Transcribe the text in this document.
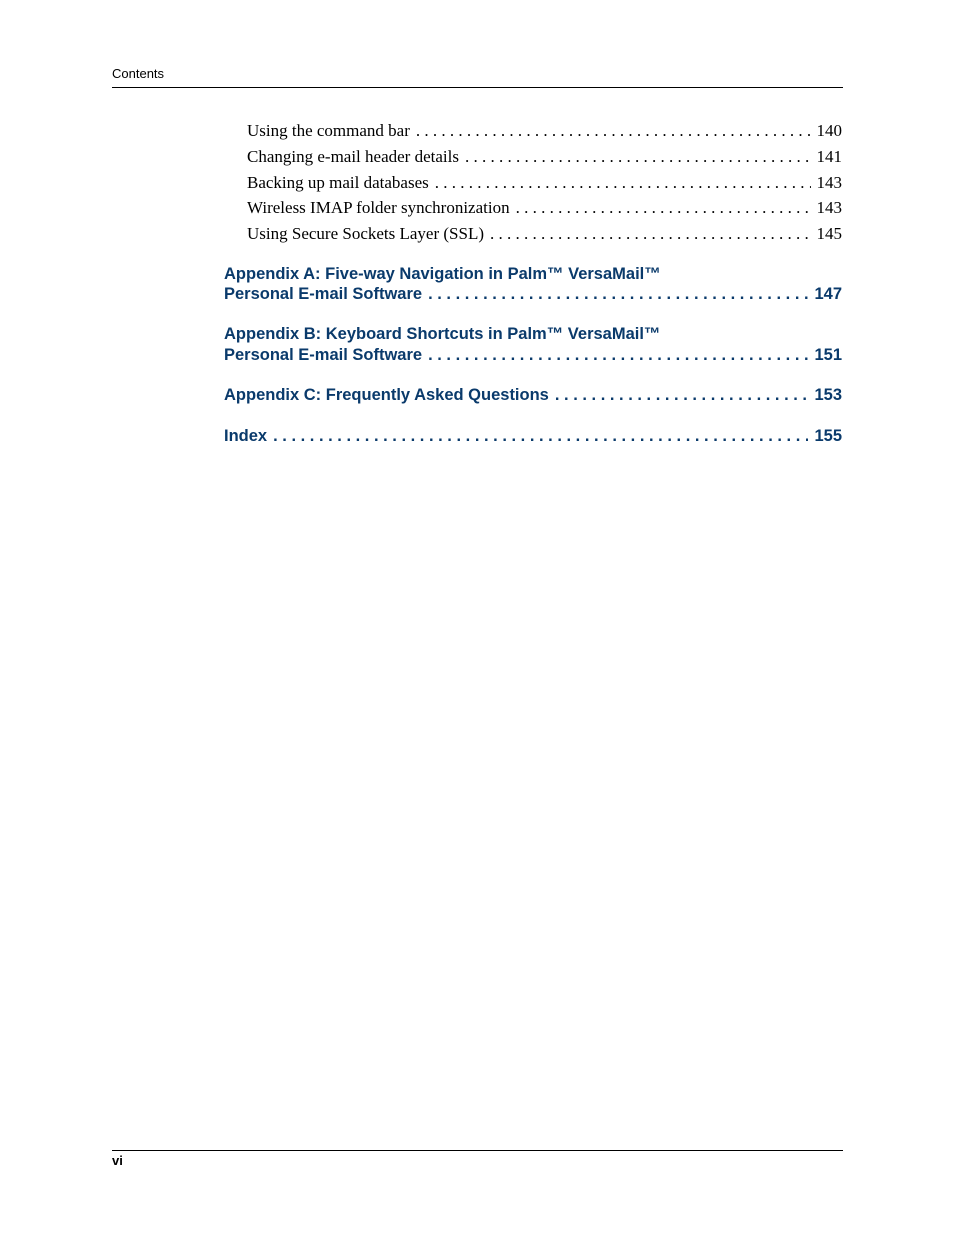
Contents
Using the command bar . . .	140
Changing e-mail header details . . .	141
Backing up mail databases . . .	143
Wireless IMAP folder synchronization . . .	143
Using Secure Sockets Layer (SSL) . . .	145
Appendix A: Five-way Navigation in Palm™ VersaMail™
Personal E-mail Software . . .	147
Appendix B: Keyboard Shortcuts in Palm™ VersaMail™
Personal E-mail Software . . .	151
Appendix C: Frequently Asked Questions . . .	153
Index . . .	155
vi
